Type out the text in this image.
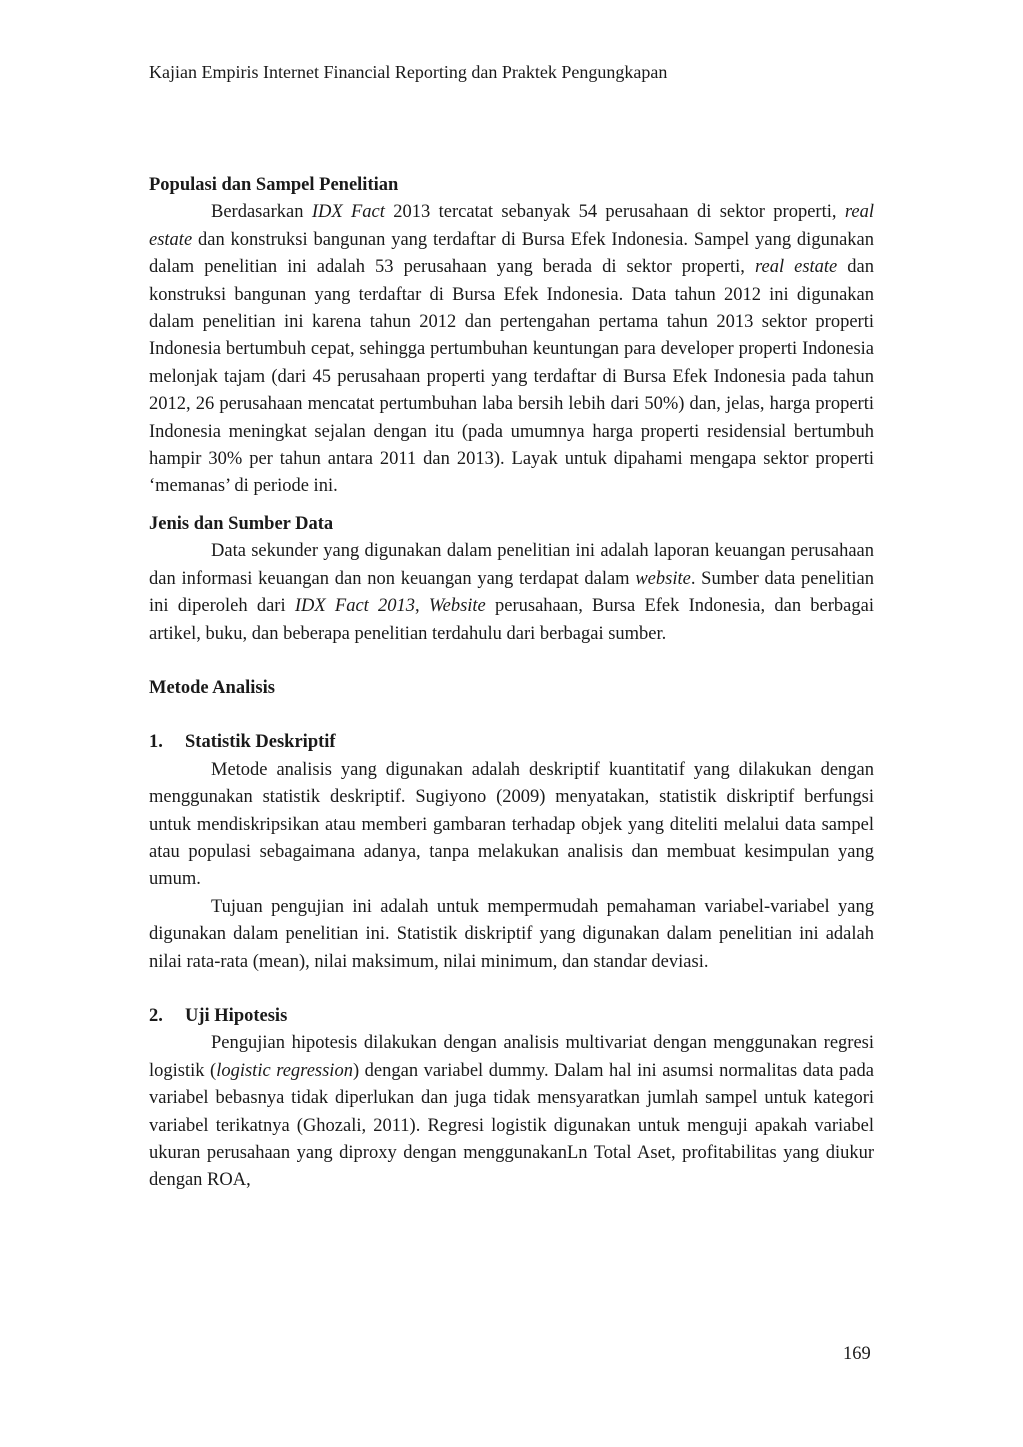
Kajian Empiris Internet Financial Reporting dan Praktek Pengungkapan

Populasi dan Sampel Penelitian

Berdasarkan IDX Fact 2013 tercatat sebanyak 54 perusahaan di sektor properti, real estate dan konstruksi bangunan yang terdaftar di Bursa Efek Indonesia. Sampel yang digunakan dalam penelitian ini adalah 53 perusahaan yang berada di sektor properti, real estate dan konstruksi bangunan yang terdaftar di Bursa Efek Indonesia. Data tahun 2012 ini digunakan dalam penelitian ini karena tahun 2012 dan pertengahan pertama tahun 2013 sektor properti Indonesia bertumbuh cepat, sehingga pertumbuhan keuntungan para developer properti Indonesia melonjak tajam (dari 45 perusahaan properti yang terdaftar di Bursa Efek Indonesia pada tahun 2012, 26 perusahaan mencatat pertumbuhan laba bersih lebih dari 50%) dan, jelas, harga properti Indonesia meningkat sejalan dengan itu (pada umumnya harga properti residensial bertumbuh hampir 30% per tahun antara 2011 dan 2013). Layak untuk dipahami mengapa sektor properti ‘memanas’ di periode ini.

Jenis dan Sumber Data

Data sekunder yang digunakan dalam penelitian ini adalah laporan keuangan perusahaan dan informasi keuangan dan non keuangan yang terdapat dalam website. Sumber data penelitian ini diperoleh dari IDX Fact 2013, Website perusahaan, Bursa Efek Indonesia, dan berbagai artikel, buku, dan beberapa penelitian terdahulu dari berbagai sumber.

Metode Analisis

1. Statistik Deskriptif

Metode analisis yang digunakan adalah deskriptif kuantitatif yang dilakukan dengan menggunakan statistik deskriptif. Sugiyono (2009) menyatakan, statistik diskriptif berfungsi untuk mendiskripsikan atau memberi gambaran terhadap objek yang diteliti melalui data sampel atau populasi sebagaimana adanya, tanpa melakukan analisis dan membuat kesimpulan yang umum.

Tujuan pengujian ini adalah untuk mempermudah pemahaman variabel-variabel yang digunakan dalam penelitian ini. Statistik diskriptif yang digunakan dalam penelitian ini adalah nilai rata-rata (mean), nilai maksimum, nilai minimum, dan standar deviasi.

2. Uji Hipotesis

Pengujian hipotesis dilakukan dengan analisis multivariat dengan menggunakan regresi logistik (logistic regression) dengan variabel dummy. Dalam hal ini asumsi normalitas data pada variabel bebasnya tidak diperlukan dan juga tidak mensyaratkan jumlah sampel untuk kategori variabel terikatnya (Ghozali, 2011). Regresi logistik digunakan untuk menguji apakah variabel ukuran perusahaan yang diproxy dengan menggunakanLn Total Aset, profitabilitas yang diukur dengan ROA,

169
